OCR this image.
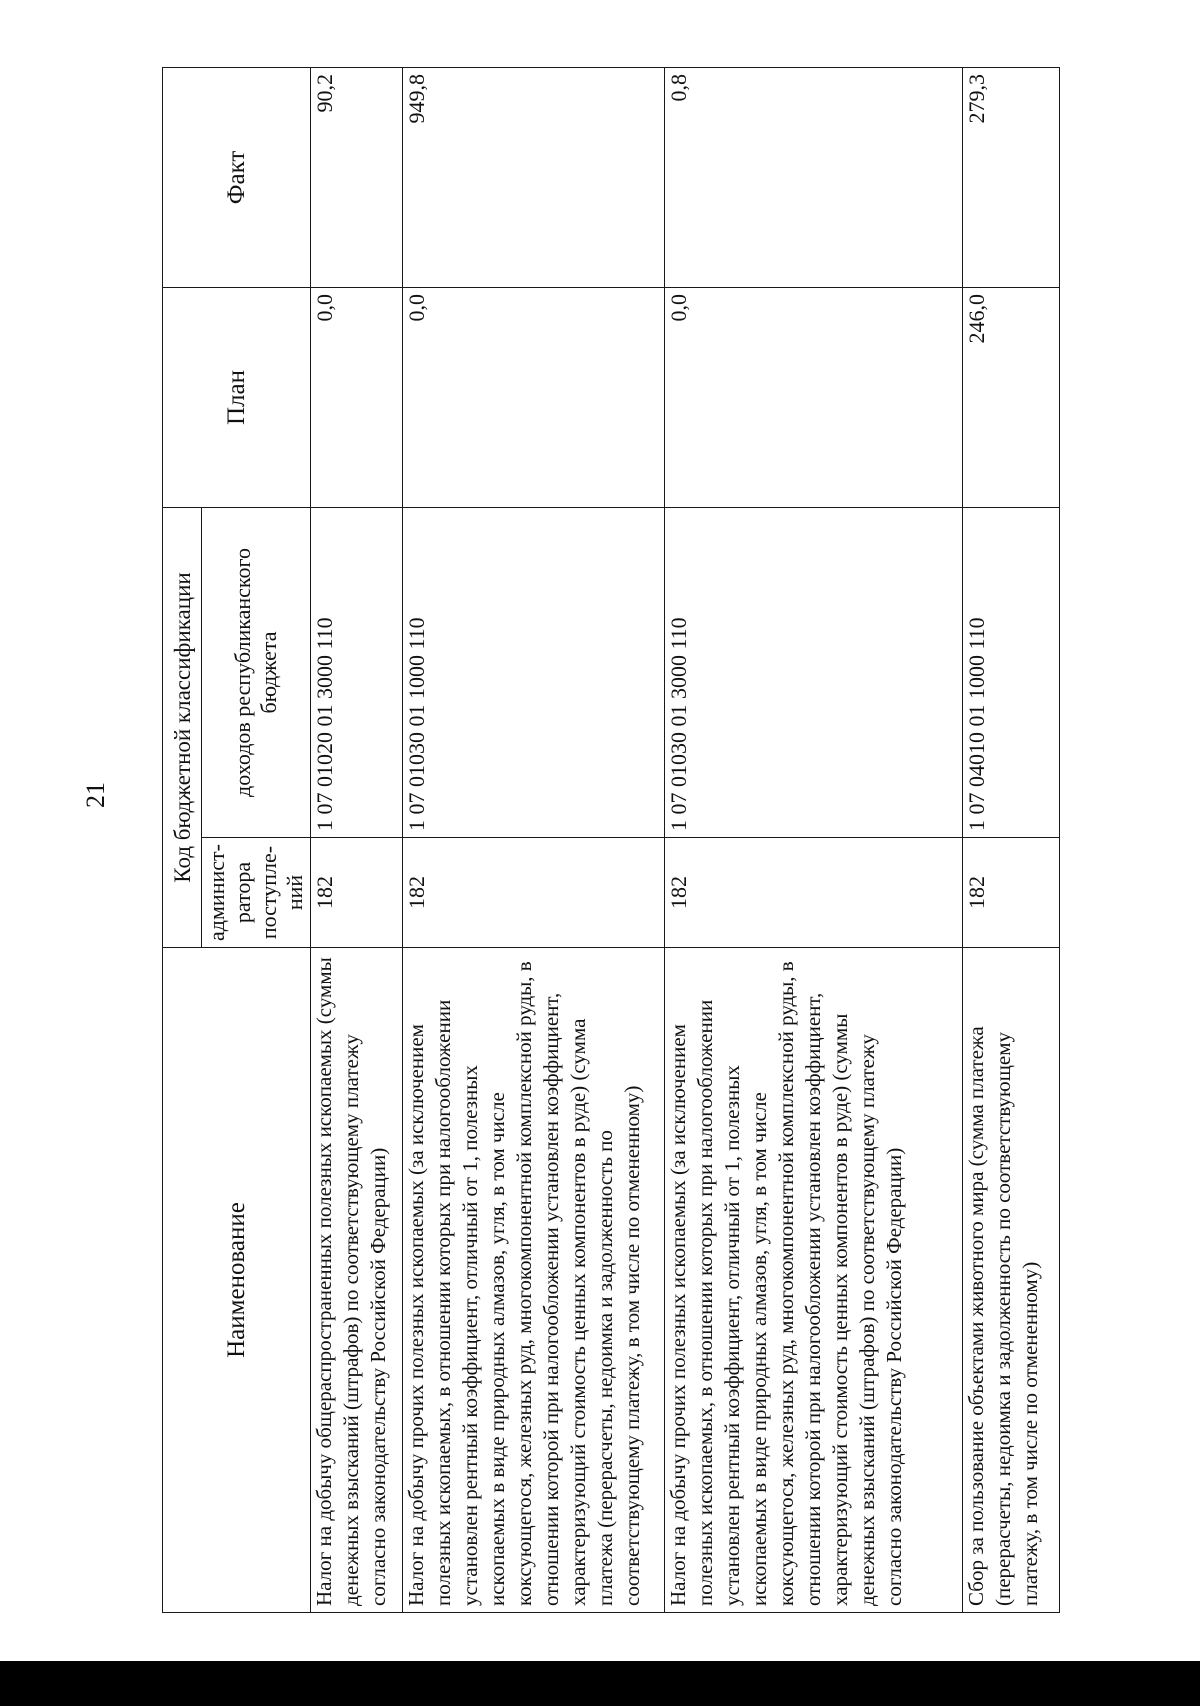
21
Наименование	Код бюджетной классификации		План	Факт
	админист-ратора поступле-ний	доходов республиканского бюджета		
Налог на добычу общераспространенных полезных ископаемых (суммы денежных взысканий (штрафов) по соответствующему платежу согласно законодательству Российской Федерации)	182	1 07 01020 01 3000 110	0,0	90,2
Налог на добычу прочих полезных ископаемых (за исключением полезных ископаемых, в отношении которых при налогообложении установлен рентный коэффициент, отличный от 1, полезных ископаемых в виде природных алмазов, угля, в том числе коксующегося, железных руд, многокомпонентной комплексной руды, в отношении которой при налогообложении установлен коэффициент, характеризующий стоимость ценных компонентов в руде) (сумма платежа (перерасчеты, недоимка и задолженность по соответствующему платежу, в том числе по отмененному)	182	1 07 01030 01 1000 110	0,0	949,8
Налог на добычу прочих полезных ископаемых (за исключением полезных ископаемых, в отношении которых при налогообложении установлен рентный коэффициент, отличный от 1, полезных ископаемых в виде природных алмазов, угля, в том числе коксующегося, железных руд, многокомпонентной комплексной руды, в отношении которой при налогообложении установлен коэффициент, характеризующий стоимость ценных компонентов в руде) (суммы денежных взысканий (штрафов) по соответствующему платежу согласно законодательству Российской Федерации)	182	1 07 01030 01 3000 110	0,0	0,8
Сбор за пользование объектами животного мира (сумма платежа (перерасчеты, недоимка и задолженность по соответствующему платежу, в том числе по отмененному)	182	1 07 04010 01 1000 110	246,0	279,3
